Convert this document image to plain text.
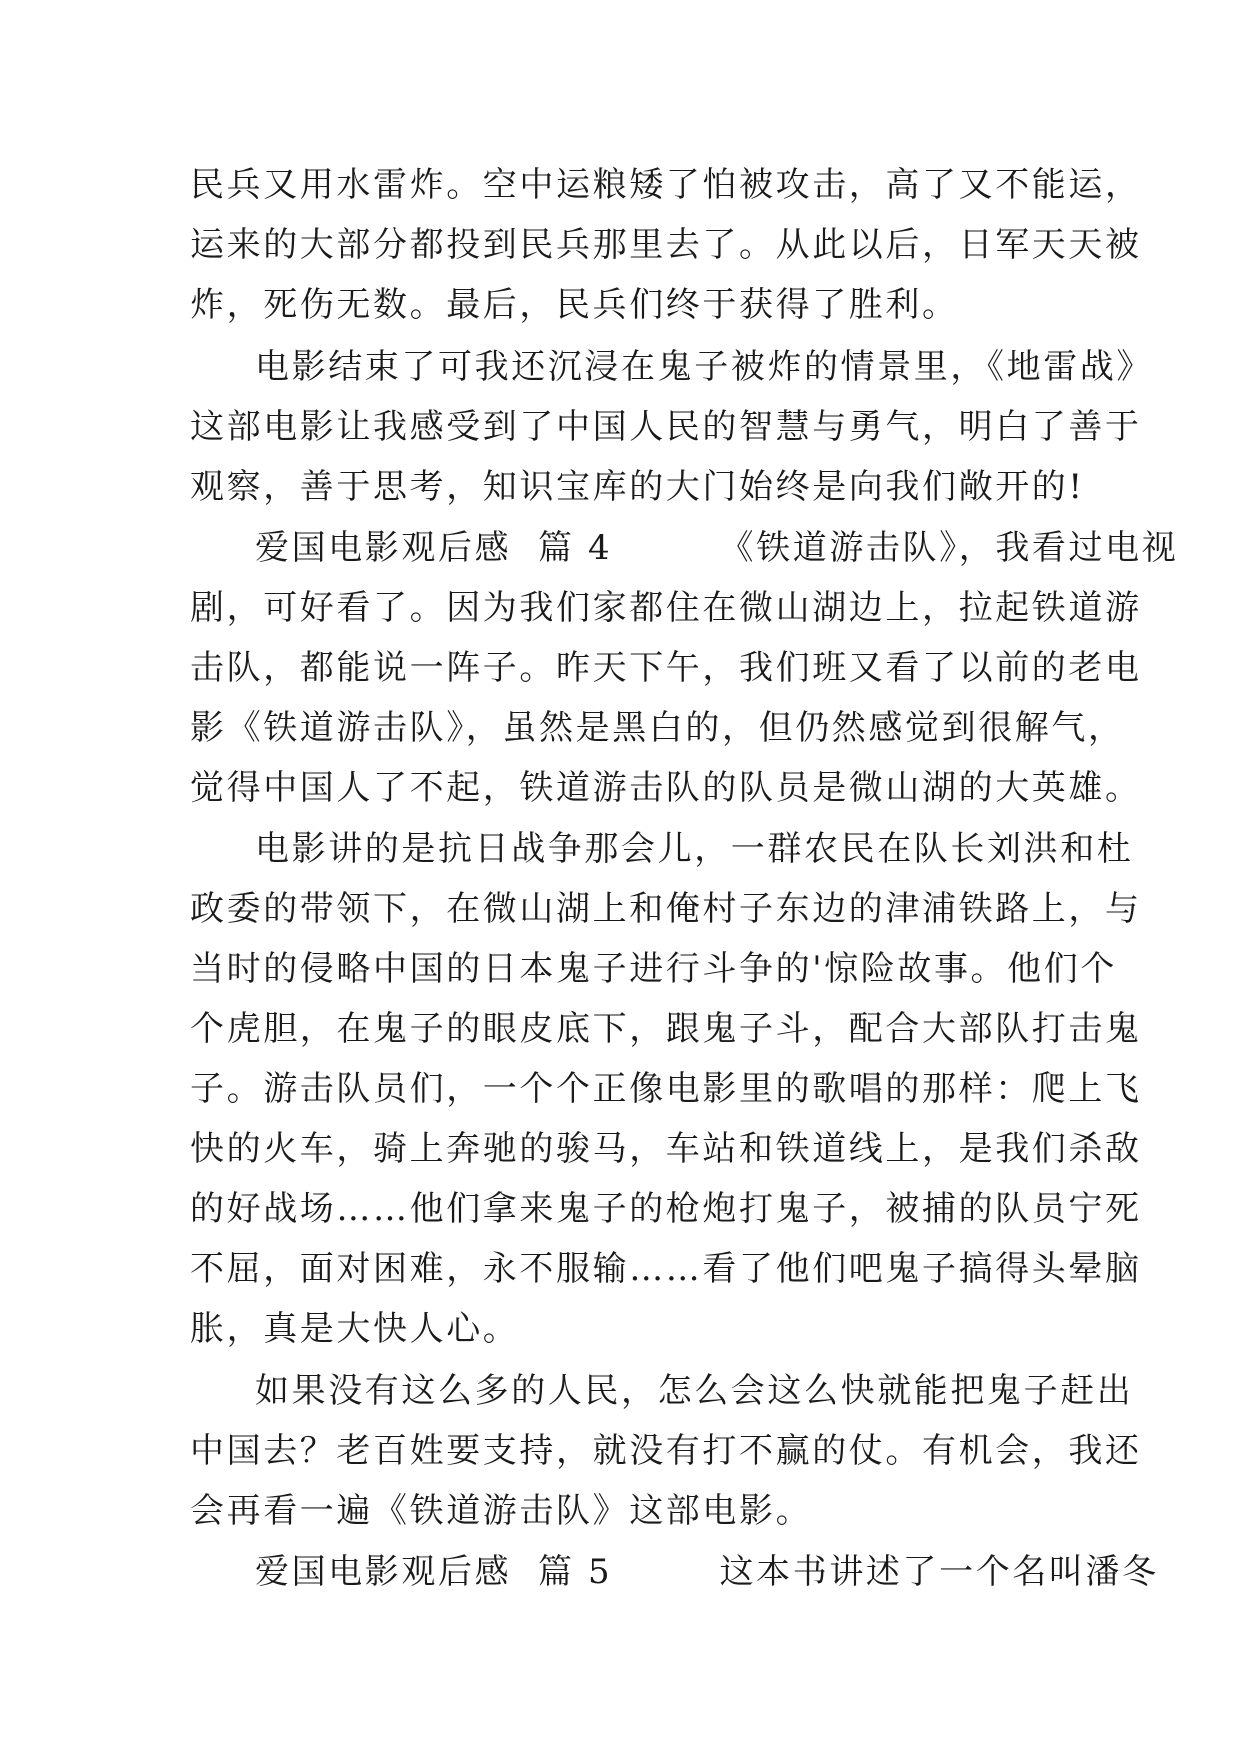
民兵又用水雷炸。空中运粮矮了怕被攻击，高了又不能运，
运来的大部分都投到民兵那里去了。从此以后，日军天天被
炸，死伤无数。最后，民兵们终于获得了胜利。
电影结束了可我还沉浸在鬼子被炸的情景里，《地雷战》
这部电影让我感受到了中国人民的智慧与勇气，明白了善于
观察，善于思考，知识宝库的大门始终是向我们敞开的!
爱国电影观后感  篇 4        《铁道游击队》，我看过电视
剧，可好看了。因为我们家都住在微山湖边上，拉起铁道游
击队，都能说一阵子。昨天下午，我们班又看了以前的老电
影《铁道游击队》，虽然是黑白的，但仍然感觉到很解气，
觉得中国人了不起，铁道游击队的队员是微山湖的大英雄。
电影讲的是抗日战争那会儿，一群农民在队长刘洪和杜
政委的带领下，在微山湖上和俺村子东边的津浦铁路上，与
当时的侵略中国的日本鬼子进行斗争的'惊险故事。他们个
个虎胆，在鬼子的眼皮底下，跟鬼子斗，配合大部队打击鬼
子。游击队员们，一个个正像电影里的歌唱的那样：爬上飞
快的火车，骑上奔驰的骏马，车站和铁道线上，是我们杀敌
的好战场……他们拿来鬼子的枪炮打鬼子，被捕的队员宁死
不屈，面对困难，永不服输……看了他们吧鬼子搞得头晕脑
胀，真是大快人心。
如果没有这么多的人民，怎么会这么快就能把鬼子赶出
中国去？老百姓要支持，就没有打不赢的仗。有机会，我还
会再看一遍《铁道游击队》这部电影。
爱国电影观后感  篇 5        这本书讲述了一个名叫潘冬
